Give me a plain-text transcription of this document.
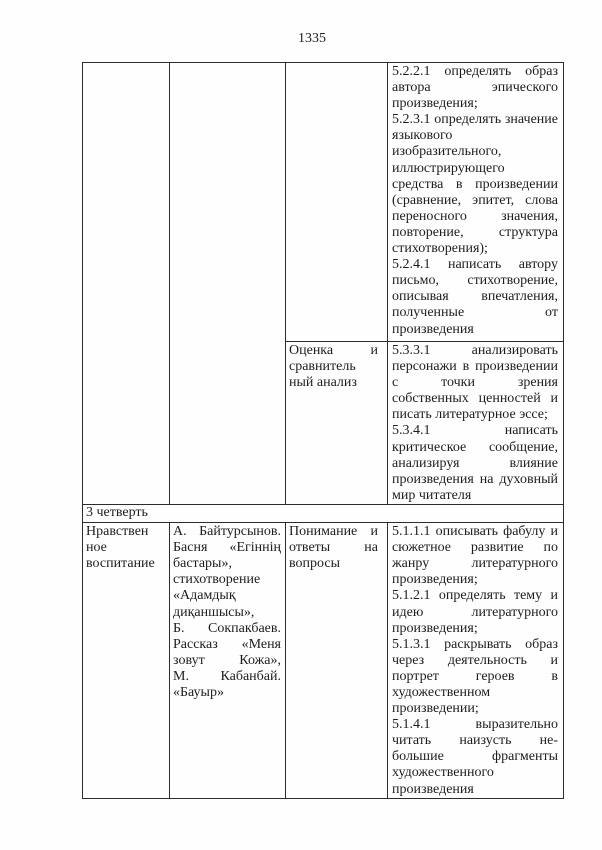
1335

			5.2.2.1 определять образ автора эпического произведения;

5.2.3.1 определять значение языкового изобразительного, иллюстрирующего средства в произведении (сравнение, эпитет, слова переносного значения, повторение, структура стихотворения);

5.2.4.1 написать автору письмо, стихотворение, описывая впечатления, полученные от произведения

		Оценка и сравнитель ный анализ	5.3.3.1 анализировать персонажи в произведении с точки зрения собственных ценностей и писать литературное эссе;

5.3.4.1 написать критическое сообщение, анализируя влияние произведения на духовный мир читателя

3 четверть			

Нравствен ное воспитание	А. Байтурсынов. Басня «Егіннің бастары», стихотворение «Адамдық диқаншысы», Б. Сокпакбаев. Рассказ «Меня зовут Кожа», М. Кабанбай. «Бауыр»	Понимание и ответы на вопросы	5.1.1.1 описывать фабулу и сюжетное развитие по жанру литературного произведения;

5.1.2.1 определять тему и идею литературного произведения;

5.1.3.1 раскрывать образ через деятельность и портрет героев в художественном произведении;

5.1.4.1 выразительно читать наизусть не- большие фрагменты художественного произведения
